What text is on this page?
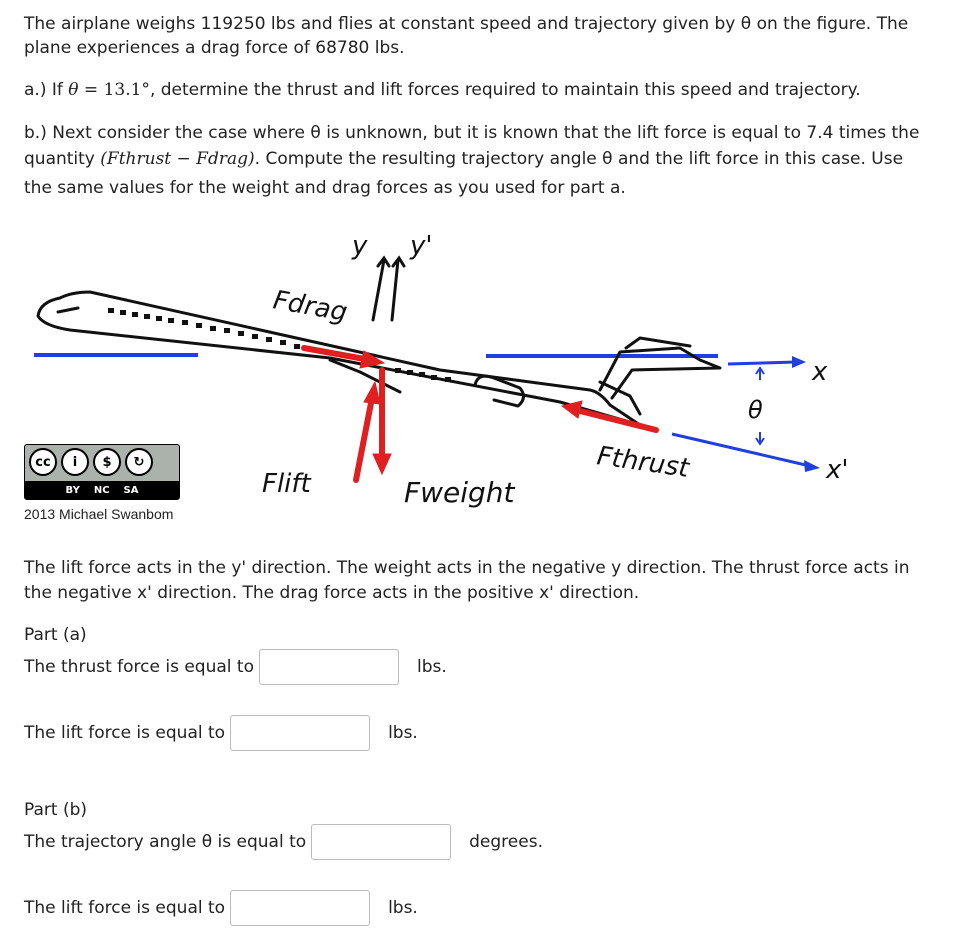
The airplane weighs 119250 lbs and flies at constant speed and trajectory given by θ on the figure. The

plane experiences a drag force of 68780 lbs.

a.) If θ = 13.1°, determine the thrust and lift forces required to maintain this speed and trajectory.

b.) Next consider the case where θ is unknown, but it is known that the lift force is equal to 7.4 times the

quantity (Fthrust − Fdrag). Compute the resulting trajectory angle θ and the lift force in this case. Use

the same values for the weight and drag forces as you used for part a.

y y'
Fdrag
Flift	Fweight
Fthrust	x'
x
θ
cc	i	$	↻
BY NC SA
2013 Michael Swanbom

The lift force acts in the y' direction. The weight acts in the negative y direction. The thrust force acts in

the negative x' direction. The drag force acts in the positive x' direction.

Part (a)
The thrust force is equal to	lbs.
The lift force is equal to	lbs.
Part (b)
The trajectory angle θ is equal to	degrees.
The lift force is equal to	lbs.
